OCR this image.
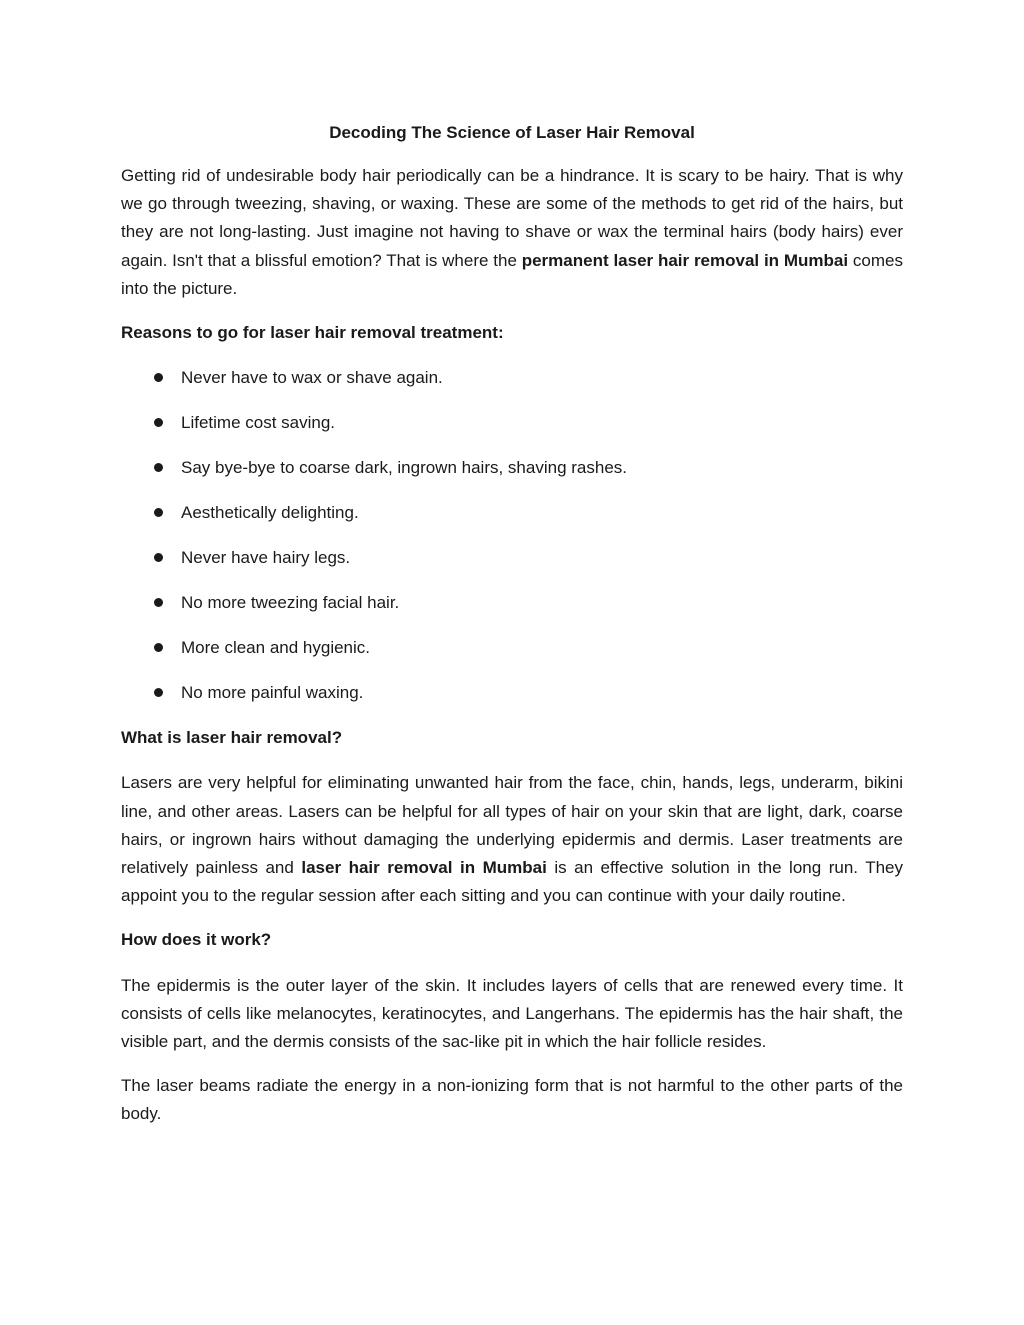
Decoding The Science of Laser Hair Removal

Getting rid of undesirable body hair periodically can be a hindrance. It is scary to be hairy. That is why we go through tweezing, shaving, or waxing. These are some of the methods to get rid of the hairs, but they are not long-lasting. Just imagine not having to shave or wax the terminal hairs (body hairs) ever again. Isn't that a blissful emotion? That is where the permanent laser hair removal in Mumbai comes into the picture.

Reasons to go for laser hair removal treatment:
Never have to wax or shave again.
Lifetime cost saving.
Say bye-bye to coarse dark, ingrown hairs, shaving rashes.
Aesthetically delighting.
Never have hairy legs.
No more tweezing facial hair.
More clean and hygienic.
No more painful waxing.
What is laser hair removal?

Lasers are very helpful for eliminating unwanted hair from the face, chin, hands, legs, underarm, bikini line, and other areas. Lasers can be helpful for all types of hair on your skin that are light, dark, coarse hairs, or ingrown hairs without damaging the underlying epidermis and dermis. Laser treatments are relatively painless and laser hair removal in Mumbai is an effective solution in the long run. They appoint you to the regular session after each sitting and you can continue with your daily routine.

How does it work?

The epidermis is the outer layer of the skin. It includes layers of cells that are renewed every time. It consists of cells like melanocytes, keratinocytes, and Langerhans. The epidermis has the hair shaft, the visible part, and the dermis consists of the sac-like pit in which the hair follicle resides.

The laser beams radiate the energy in a non-ionizing form that is not harmful to the other parts of the body.
